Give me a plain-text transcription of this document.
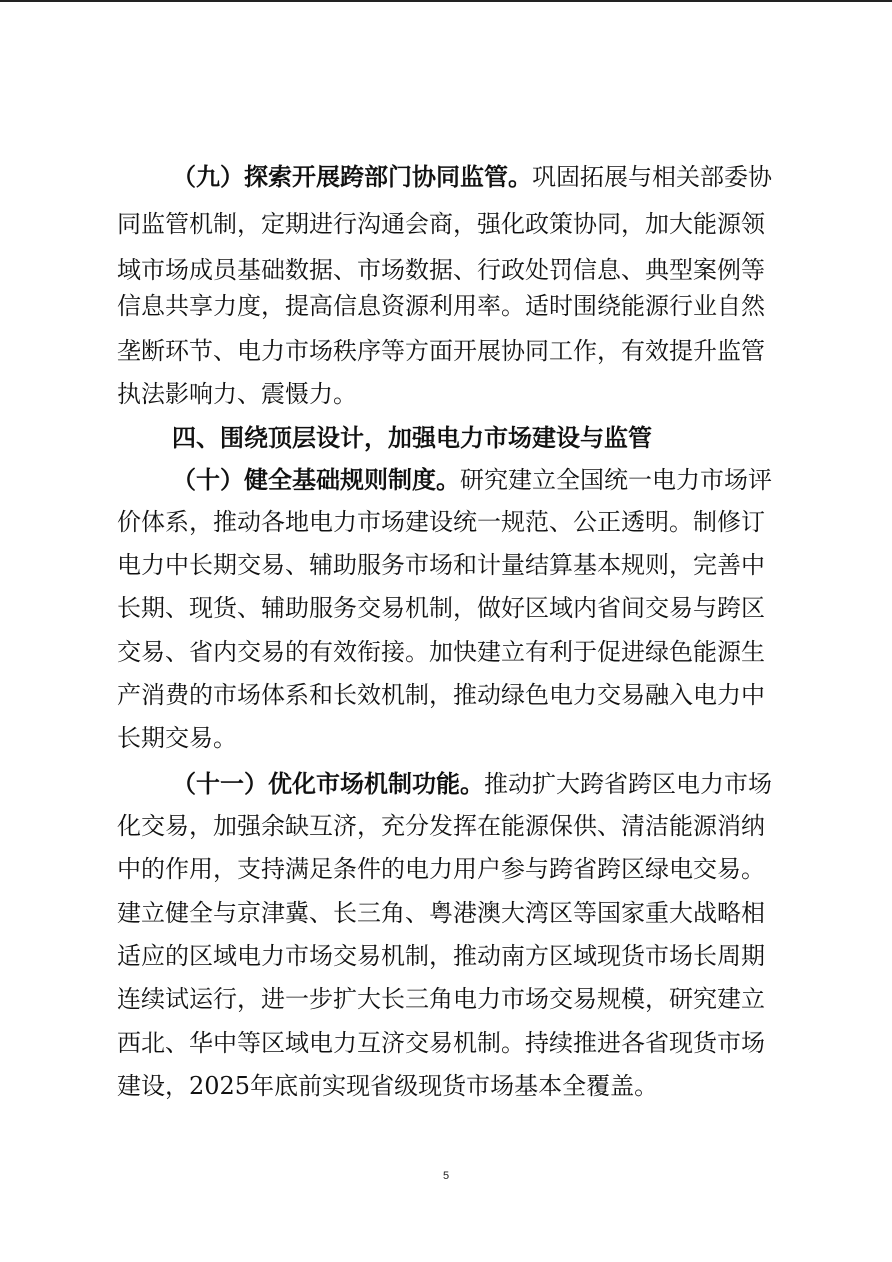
（九）探索开展跨部门协同监管。巩固拓展与相关部委协
同监管机制，定期进行沟通会商，强化政策协同，加大能源领
域市场成员基础数据、市场数据、行政处罚信息、典型案例等
信息共享力度，提高信息资源利用率。适时围绕能源行业自然
垄断环节、电力市场秩序等方面开展协同工作，有效提升监管
执法影响力、震慑力。
四、围绕顶层设计，加强电力市场建设与监管
（十）健全基础规则制度。研究建立全国统一电力市场评
价体系，推动各地电力市场建设统一规范、公正透明。制修订
电力中长期交易、辅助服务市场和计量结算基本规则，完善中
长期、现货、辅助服务交易机制，做好区域内省间交易与跨区
交易、省内交易的有效衔接。加快建立有利于促进绿色能源生
产消费的市场体系和长效机制，推动绿色电力交易融入电力中
长期交易。
（十一）优化市场机制功能。推动扩大跨省跨区电力市场
化交易，加强余缺互济，充分发挥在能源保供、清洁能源消纳
中的作用，支持满足条件的电力用户参与跨省跨区绿电交易。
建立健全与京津冀、长三角、粤港澳大湾区等国家重大战略相
适应的区域电力市场交易机制，推动南方区域现货市场长周期
连续试运行，进一步扩大长三角电力市场交易规模，研究建立
西北、华中等区域电力互济交易机制。持续推进各省现货市场
建设，2025年底前实现省级现货市场基本全覆盖。
5
